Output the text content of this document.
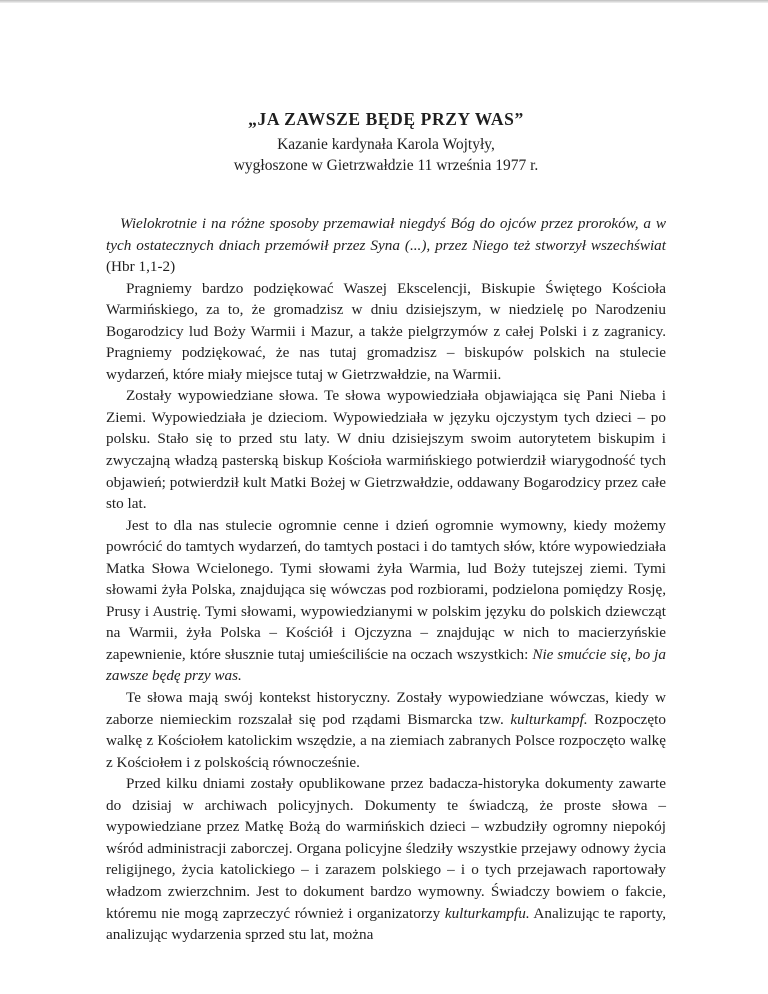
„JA ZAWSZE BĘDĘ PRZY WAS”

Kazanie kardynała Karola Wojtyły,
wygłoszone w Gietrzwałdzie 11 września 1977 r.

Wielokrotnie i na różne sposoby przemawiał niegdyś Bóg do ojców przez proroków, a w tych ostatecznych dniach przemówił przez Syna (...), przez Niego też stworzył wszechświat (Hbr 1,1-2)

Pragniemy bardzo podziękować Waszej Ekscelencji, Biskupie Świętego Kościoła Warmińskiego, za to, że gromadzisz w dniu dzisiejszym, w niedzielę po Narodzeniu Bogarodzicy lud Boży Warmii i Mazur, a także pielgrzymów z całej Polski i z zagranicy. Pragniemy podziękować, że nas tutaj gromadzisz – biskupów polskich na stulecie wydarzeń, które miały miejsce tutaj w Gietrzwałdzie, na Warmii.

Zostały wypowiedziane słowa. Te słowa wypowiedziała objawiająca się Pani Nieba i Ziemi. Wypowiedziała je dzieciom. Wypowiedziała w języku ojczystym tych dzieci – po polsku. Stało się to przed stu laty. W dniu dzisiejszym swoim autorytetem biskupim i zwyczajną władzą pasterską biskup Kościoła warmińskiego potwierdził wiarygodność tych objawień; potwierdził kult Matki Bożej w Gietrzwałdzie, oddawany Bogarodzicy przez całe sto lat.

Jest to dla nas stulecie ogromnie cenne i dzień ogromnie wymowny, kiedy możemy powrócić do tamtych wydarzeń, do tamtych postaci i do tamtych słów, które wypowiedziała Matka Słowa Wcielonego. Tymi słowami żyła Warmia, lud Boży tutejszej ziemi. Tymi słowami żyła Polska, znajdująca się wówczas pod rozbiorami, podzielona pomiędzy Rosję, Prusy i Austrię. Tymi słowami, wypowiedzianymi w polskim języku do polskich dziewcząt na Warmii, żyła Polska – Kościół i Ojczyzna – znajdując w nich to macierzyńskie zapewnienie, które słusznie tutaj umieściliście na oczach wszystkich: Nie smućcie się, bo ja zawsze będę przy was.

Te słowa mają swój kontekst historyczny. Zostały wypowiedziane wówczas, kiedy w zaborze niemieckim rozszalał się pod rządami Bismarcka tzw. kulturkampf. Rozpoczęto walkę z Kościołem katolickim wszędzie, a na ziemiach zabranych Polsce rozpoczęto walkę z Kościołem i z polskością równocześnie.

Przed kilku dniami zostały opublikowane przez badacza-historyka dokumenty zawarte do dzisiaj w archiwach policyjnych. Dokumenty te świadczą, że proste słowa – wypowiedziane przez Matkę Bożą do warmińskich dzieci – wzbudziły ogromny niepokój wśród administracji zaborczej. Organa policyjne śledziły wszystkie przejawy odnowy życia religijnego, życia katolickiego – i zarazem polskiego – i o tych przejawach raportowały władzom zwierzchnim. Jest to dokument bardzo wymowny. Świadczy bowiem o fakcie, któremu nie mogą zaprzeczyć również i organizatorzy kulturkampfu. Analizując te raporty, analizując wydarzenia sprzed stu lat, można
